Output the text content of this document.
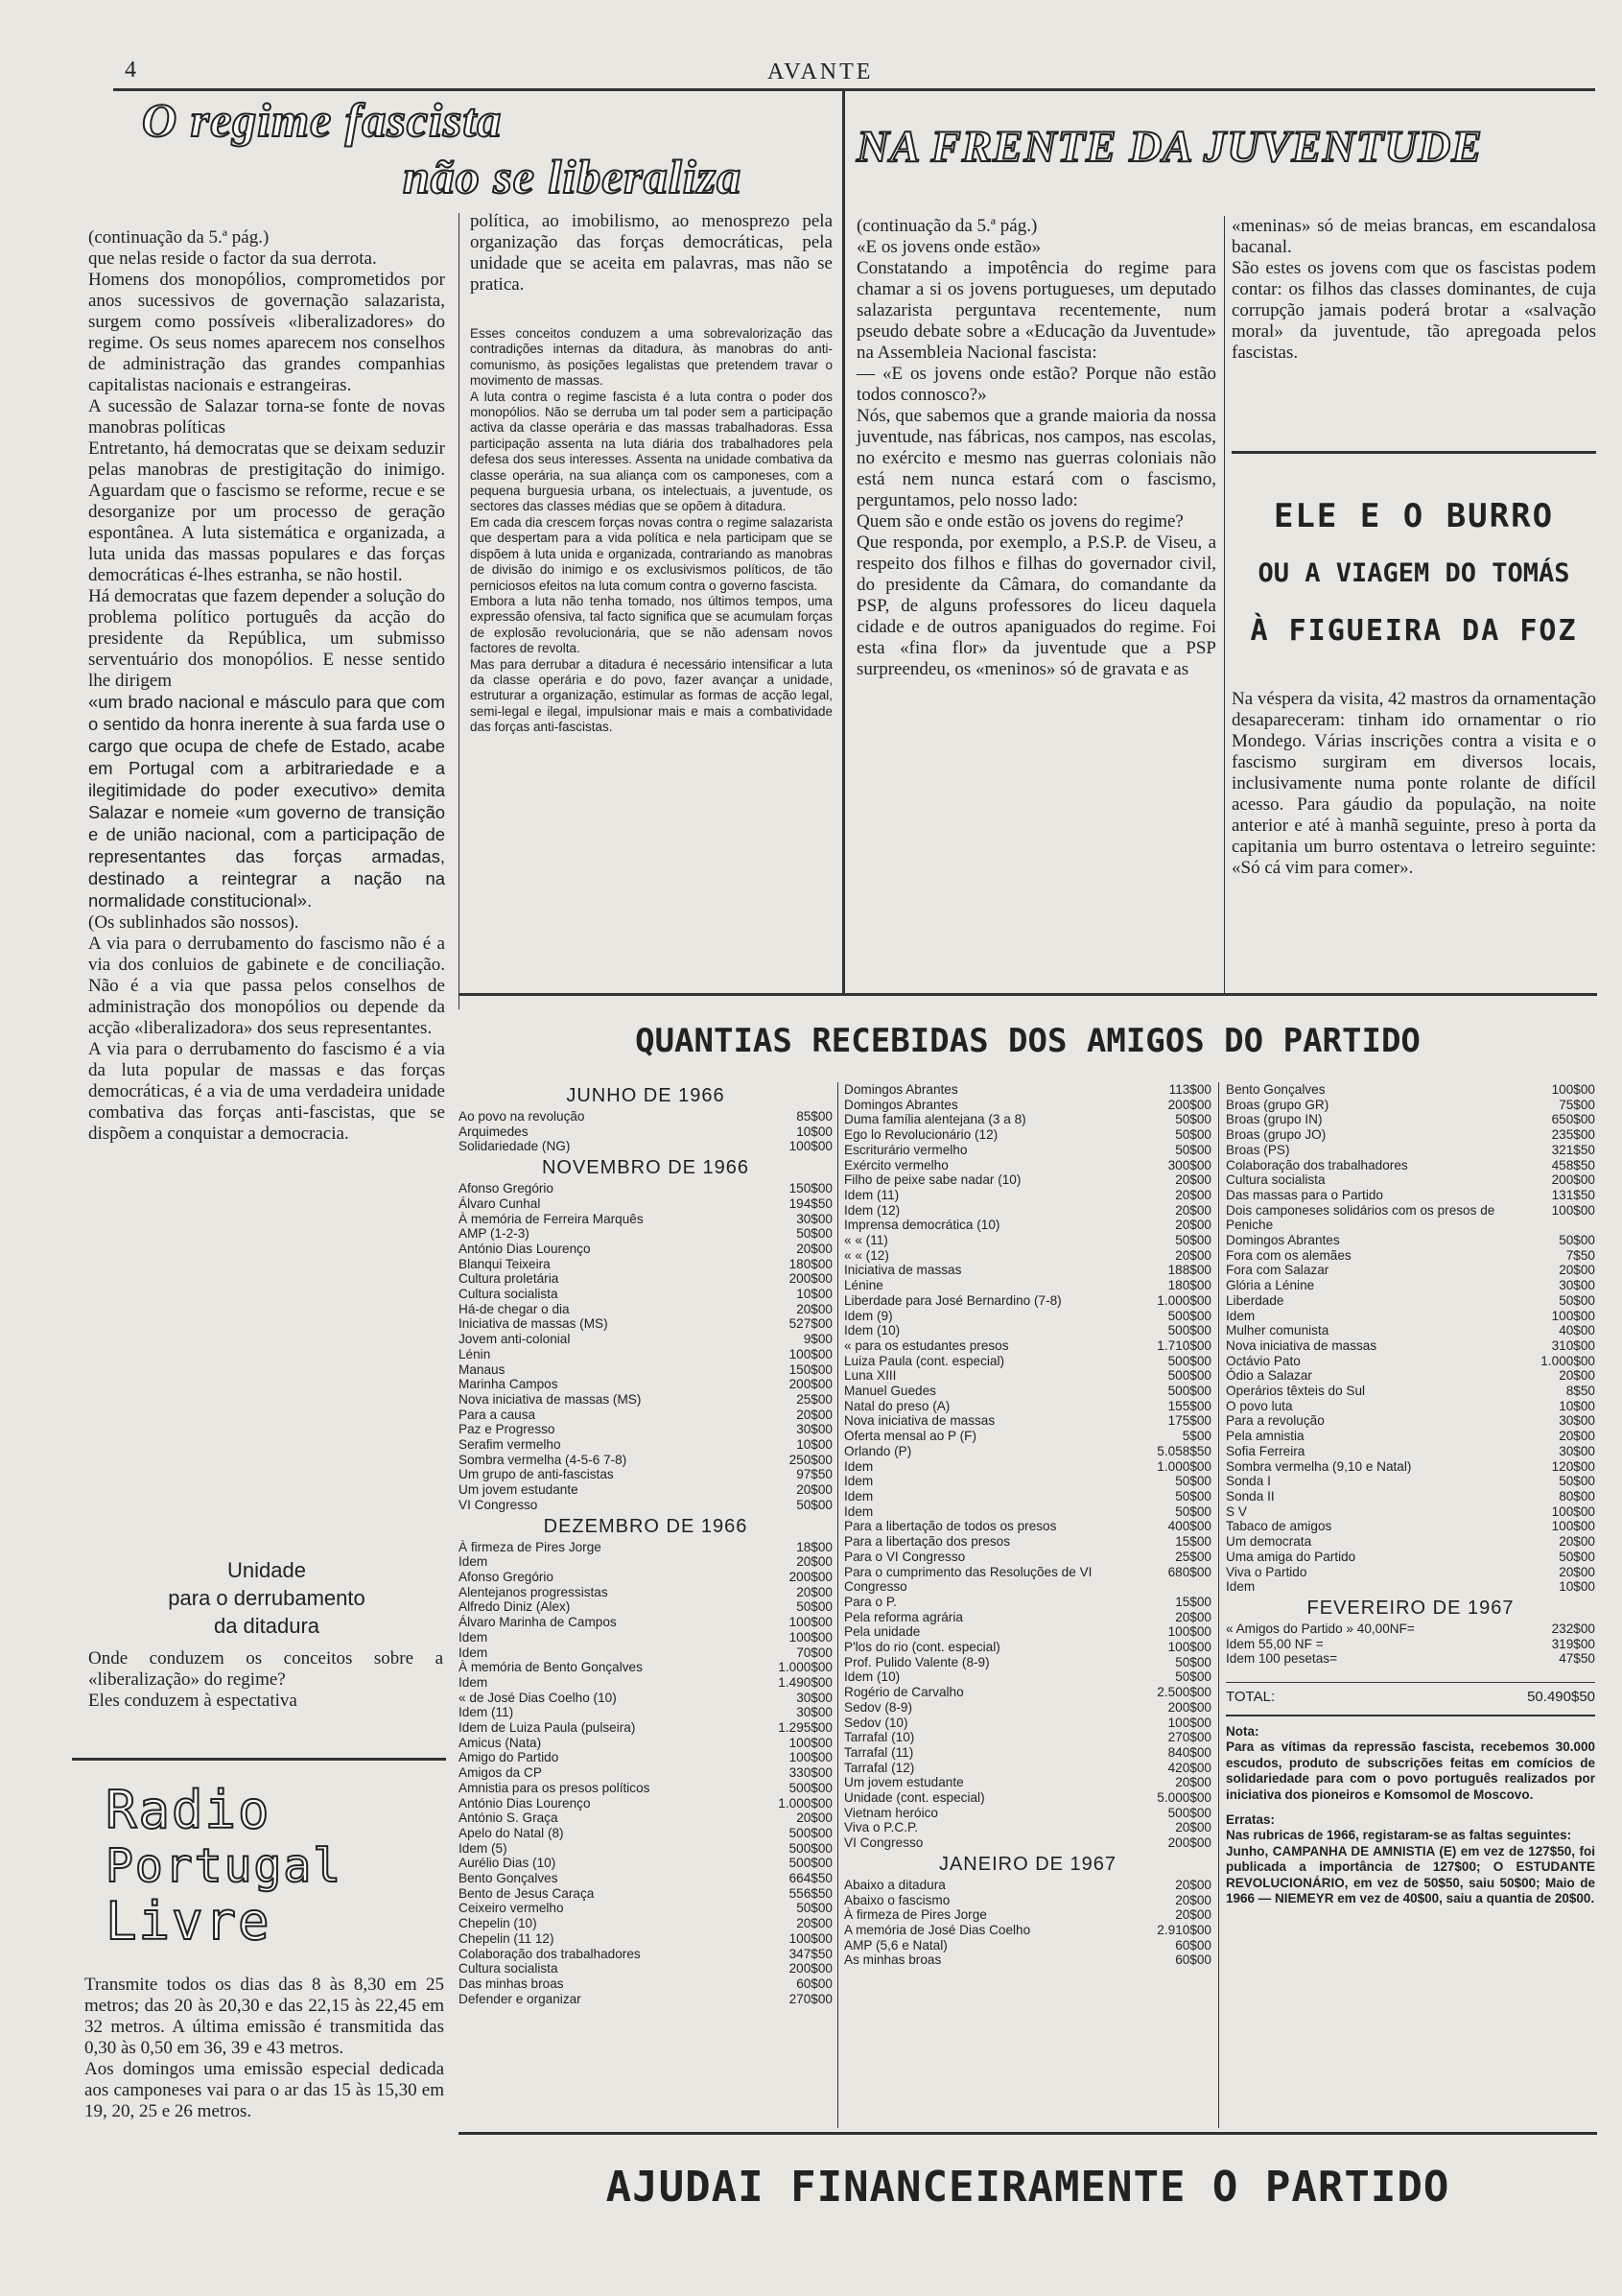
4	AVANTE
O regime fascista
não se liberaliza

(continuação da 5.ª pág.)
que nelas reside o factor da sua derrota.
Homens dos monopólios, comprometidos por anos sucessivos de governação salazarista, surgem como possíveis «liberalizadores» do regime. Os seus nomes aparecem nos conselhos de administração das grandes companhias capitalistas nacionais e estrangeiras.
A sucessão de Salazar torna-se fonte de novas manobras políticas
Entretanto, há democratas que se deixam seduzir pelas manobras de prestigitação do inimigo. Aguardam que o fascismo se reforme, recue e se desorganize por um processo de geração espontânea. A luta sistemática e organizada, a luta unida das massas populares e das forças democráticas é-lhes estranha, se não hostil.
Há democratas que fazem depender a solução do problema político português da acção do presidente da República, um submisso serventuário dos monopólios. E nesse sentido lhe dirigem
«um brado nacional e másculo para que com o sentido da honra inerente à sua farda use o cargo que ocupa de chefe de Estado, acabe em Portugal com a arbitrariedade e a ilegitimidade do poder executivo» demita Salazar e nomeie «um governo de transição e de união nacional, com a participação de representantes das forças armadas, destinado a reintegrar a nação na normalidade constitucional».
(Os sublinhados são nossos).
A via para o derrubamento do fascismo não é a via dos conluios de gabinete e de conciliação. Não é a via que passa pelos conselhos de administração dos monopólios ou depende da acção «liberalizadora» dos seus representantes.
A via para o derrubamento do fascismo é a via da luta popular de massas e das forças democráticas, é a via de uma verdadeira unidade combativa das forças anti-fascistas, que se dispõem a conquistar a democracia.

política, ao imobilismo, ao menosprezo pela organização das forças democráticas, pela unidade que se aceita em palavras, mas não se pratica.
Esses conceitos conduzem a uma sobrevalorização das contradições internas da ditadura, às manobras do anti-comunismo, às posições legalistas que pretendem travar o movimento de massas.
A luta contra o regime fascista é a luta contra o poder dos monopólios. Não se derruba um tal poder sem a participação activa da classe operária e das massas trabalhadoras. Essa participação assenta na luta diária dos trabalhadores pela defesa dos seus interesses. Assenta na unidade combativa da classe operária, na sua aliança com os camponeses, com a pequena burguesia urbana, os intelectuais, a juventude, os sectores das classes médias que se opõem à ditadura.
Em cada dia crescem forças novas contra o regime salazarista que despertam para a vida política e nela participam que se dispõem à luta unida e organizada, contrariando as manobras de divisão do inimigo e os exclusivismos políticos, de tão perniciosos efeitos na luta comum contra o governo fascista.
Embora a luta não tenha tomado, nos últimos tempos, uma expressão ofensiva, tal facto significa que se acumulam forças de explosão revolucionária, que se não adensam novos factores de revolta.
Mas para derrubar a ditadura é necessário intensificar a luta da classe operária e do povo, fazer avançar a unidade, estruturar a organização, estimular as formas de acção legal, semi-legal e ilegal, impulsionar mais e mais a combatividade das forças anti-fascistas.
Unidade
para o derrubamento
da ditadura
Onde conduzem os conceitos sobre a «liberalização» do regime?
Eles conduzem à espectativa
Radio
Portugal
Livre
Transmite todos os dias das 8 às 8,30 em 25 metros; das 20 às 20,30 e das 22,15 às 22,45 em 32 metros. A última emissão é transmitida das 0,30 às 0,50 em 36, 39 e 43 metros.
Aos domingos uma emissão especial dedicada aos camponeses vai para o ar das 15 às 15,30 em 19, 20, 25 e 26 metros.
NA FRENTE DA JUVENTUDE
(continuação da 5.ª pág.)
«E os jovens onde estão»
Constatando a impotência do regime para chamar a si os jovens portugueses, um deputado salazarista perguntava recentemente, num pseudo debate sobre a «Educação da Juventude» na Assembleia Nacional fascista:
— «E os jovens onde estão? Porque não estão todos connosco?»
Nós, que sabemos que a grande maioria da nossa juventude, nas fábricas, nos campos, nas escolas, no exército e mesmo nas guerras coloniais não está nem nunca estará com o fascismo, perguntamos, pelo nosso lado:
Quem são e onde estão os jovens do regime?
Que responda, por exemplo, a P.S.P. de Viseu, a respeito dos filhos e filhas do governador civil, do presidente da Câmara, do comandante da PSP, de alguns professores do liceu daquela cidade e de outros apaniguados do regime. Foi esta «fina flor» da juventude que a PSP surpreendeu, os «meninos» só de gravata e as
«meninas» só de meias brancas, em escandalosa bacanal.
São estes os jovens com que os fascistas podem contar: os filhos das classes dominantes, de cuja corrupção jamais poderá brotar a «salvação moral» da juventude, tão apregoada pelos fascistas.
ELE E O BURRO
OU A VIAGEM DO TOMÁS
À FIGUEIRA DA FOZ
Na véspera da visita, 42 mastros da ornamentação desapareceram: tinham ido ornamentar o rio Mondego. Várias inscrições contra a visita e o fascismo surgiram em diversos locais, inclusivamente numa ponte rolante de difícil acesso. Para gáudio da população, na noite anterior e até à manhã seguinte, preso à porta da capitania um burro ostentava o letreiro seguinte: «Só cá vim para comer».
QUANTIAS RECEBIDAS DOS AMIGOS DO PARTIDO
JUNHO DE 1966	
Ao povo na revolução	85$00
Arquimedes	10$00
Solidariedade (NG)	100$00
NOVEMBRO DE 1966	
Afonso Gregório	150$00
Álvaro Cunhal	194$50
À memória de Ferreira Marquês	30$00
AMP (1-2-3)	50$00
António Dias Lourenço	20$00
Blanqui Teixeira	180$00
Cultura proletária	200$00
Cultura socialista	10$00
Há-de chegar o dia	20$00
Iniciativa de massas (MS)	527$00
Jovem anti-colonial	9$00
Lénin	100$00
Manaus	150$00
Marinha Campos	200$00
Nova iniciativa de massas (MS)	25$00
Para a causa	20$00
Paz e Progresso	30$00
Serafim vermelho	10$00
Sombra vermelha (4-5-6 7-8)	250$00
Um grupo de anti-fascistas	97$50
Um jovem estudante	20$00
VI Congresso	50$00
DEZEMBRO DE 1966	
À firmeza de Pires Jorge	18$00
Idem	20$00
Afonso Gregório	200$00
Alentejanos progressistas	20$00
Alfredo Diniz (Alex)	50$00
Álvaro Marinha de Campos	100$00
Idem	100$00
Idem	70$00
À memória de Bento Gonçalves	1.000$00
Idem	1.490$00
« de José Dias Coelho (10)	30$00
Idem (11)	30$00
Idem de Luiza Paula (pulseira)	1.295$00
Amicus (Nata)	100$00
Amigo do Partido	100$00
Amigos da CP	330$00
Amnistia para os presos políticos	500$00
António Dias Lourenço	1.000$00
António S. Graça	20$00
Apelo do Natal (8)	500$00
Idem (5)	500$00
Aurélio Dias (10)	500$00
Bento Gonçalves	664$50
Bento de Jesus Caraça	556$50
Ceixeiro vermelho	50$00
Chepelin (10)	20$00
Chepelin (11 12)	100$00
Colaboração dos trabalhadores	347$50
Cultura socialista	200$00
Das minhas broas	60$00
Defender e organizar	270$00
Domingos Abrantes	113$00
Domingos Abrantes	200$00
Duma família alentejana (3 a 8)	50$00
Ego lo Revolucionário (12)	50$00
Escriturário vermelho	50$00
Exército vermelho	300$00
Filho de peixe sabe nadar (10)	20$00
Idem (11)	20$00
Idem (12)	20$00
Imprensa democrática (10)	20$00
« « (11)	50$00
« « (12)	20$00
Iniciativa de massas	188$00
Lénine	180$00
Liberdade para José Bernardino (7-8)	1.000$00
Idem (9)	500$00
Idem (10)	500$00
« para os estudantes presos	1.710$00
Luiza Paula (cont. especial)	500$00
Luna XIII	500$00
Manuel Guedes	500$00
Natal do preso (A)	155$00
Nova iniciativa de massas	175$00
Oferta mensal ao P (F)	5$00
Orlando (P)	5.058$50
Idem	1.000$00
Idem	50$00
Idem	50$00
Idem	50$00
Para a libertação de todos os presos	400$00
Para a libertação dos presos	15$00
Para o VI Congresso	25$00
Para o cumprimento das Resoluções de VI Congresso	680$00
Para o P.	15$00
Pela reforma agrária	20$00
Pela unidade	100$00
P'los do rio (cont. especial)	100$00
Prof. Pulido Valente (8-9)	50$00
Idem (10)	50$00
Rogério de Carvalho	2.500$00
Sedov (8-9)	200$00
Sedov (10)	100$00
Tarrafal (10)	270$00
Tarrafal (11)	840$00
Tarrafal (12)	420$00
Um jovem estudante	20$00
Unidade (cont. especial)	5.000$00
Vietnam heróico	500$00
Viva o P.C.P.	20$00
VI Congresso	200$00
JANEIRO DE 1967	
Abaixo a ditadura	20$00
Abaixo o fascismo	20$00
À firmeza de Pires Jorge	20$00
A memória de José Dias Coelho	2.910$00
AMP (5,6 e Natal)	60$00
As minhas broas	60$00
Bento Gonçalves	100$00
Broas (grupo GR)	75$00
Broas (grupo IN)	650$00
Broas (grupo JO)	235$00
Broas (PS)	321$50
Colaboração dos trabalhadores	458$50
Cultura socialista	200$00
Das massas para o Partido	131$50
Dois camponeses solidários com os presos de Peniche	100$00
Domingos Abrantes	50$00
Fora com os alemães	7$50
Fora com Salazar	20$00
Glória a Lénine	30$00
Liberdade	50$00
Idem	100$00
Mulher comunista	40$00
Nova iniciativa de massas	310$00
Octávio Pato	1.000$00
Ódio a Salazar	20$00
Operários têxteis do Sul	8$50
O povo luta	10$00
Para a revolução	30$00
Pela amnistia	20$00
Sofia Ferreira	30$00
Sombra vermelha (9,10 e Natal)	120$00
Sonda I	50$00
Sonda II	80$00
S V	100$00
Tabaco de amigos	100$00
Um democrata	20$00
Uma amiga do Partido	50$00
Viva o Partido	20$00
Idem	10$00
FEVEREIRO DE 1967	
« Amigos do Partido » 40,00NF=	232$00
Idem 55,00 NF =	319$00
Idem 100 pesetas=	47$50
TOTAL:	50.490$50
Nota:
Para as vítimas da repressão fascista, recebemos 30.000 escudos, produto de subscrições feitas em comícios de solidariedade para com o povo português realizados por iniciativa dos pioneiros e Komsomol de Moscovo.
Erratas:
Nas rubricas de 1966, registaram-se as faltas seguintes:
Junho, CAMPANHA DE AMNISTIA (E) em vez de 127$50, foi publicada a importância de 127$00; O ESTUDANTE REVOLUCIONÁRIO, em vez de 50$50, saiu 50$00; Maio de 1966 — NIEMEYR em vez de 40$00, saiu a quantia de 20$00.
AJUDAI FINANCEIRAMENTE O PARTIDO
